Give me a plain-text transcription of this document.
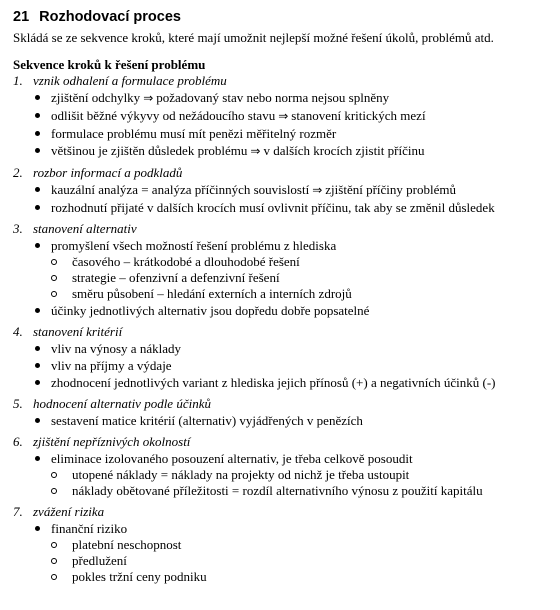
21 Rozhodovací proces

Skládá se ze sekvence kroků, které mají umožnit nejlepší možné řešení úkolů, problémů atd.

Sekvence kroků k řešení problému

1. vznik odhalení a formulace problému

zjištění odchylky ⇒ požadovaný stav nebo norma nejsou splněny
odlišit běžné výkyvy od nežádoucího stavu ⇒ stanovení kritických mezí
formulace problému musí mít penězi měřitelný rozměr
většinou je zjištěn důsledek problému ⇒ v dalších krocích zjistit příčinu

2. rozbor informací a podkladů

kauzální analýza = analýza příčinných souvislostí ⇒ zjištění příčiny problémů
rozhodnutí přijaté v dalších krocích musí ovlivnit příčinu, tak aby se změnil důsledek

3. stanovení alternativ

promyšlení všech možností řešení problému z hlediska
časového – krátkodobé a dlouhodobé řešení
strategie – ofenzivní a defenzivní řešení
směru působení – hledání externích a interních zdrojů
účinky jednotlivých alternativ jsou dopředu dobře popsatelné

4. stanovení kritérií

vliv na výnosy a náklady
vliv na příjmy a výdaje
zhodnocení jednotlivých variant z hlediska jejich přínosů (+) a negativních účinků (-)

5. hodnocení alternativ podle účinků

sestavení matice kritérií (alternativ) vyjádřených v penězích

6. zjištění nepříznivých okolností

eliminace izolovaného posouzení alternativ, je třeba celkově posoudit
utopené náklady = náklady na projekty od nichž je třeba ustoupit
náklady obětované příležitosti = rozdíl alternativního výnosu z použití kapitálu

7. zvážení rizika

finanční riziko
platební neschopnost
předlužení
pokles tržní ceny podniku
